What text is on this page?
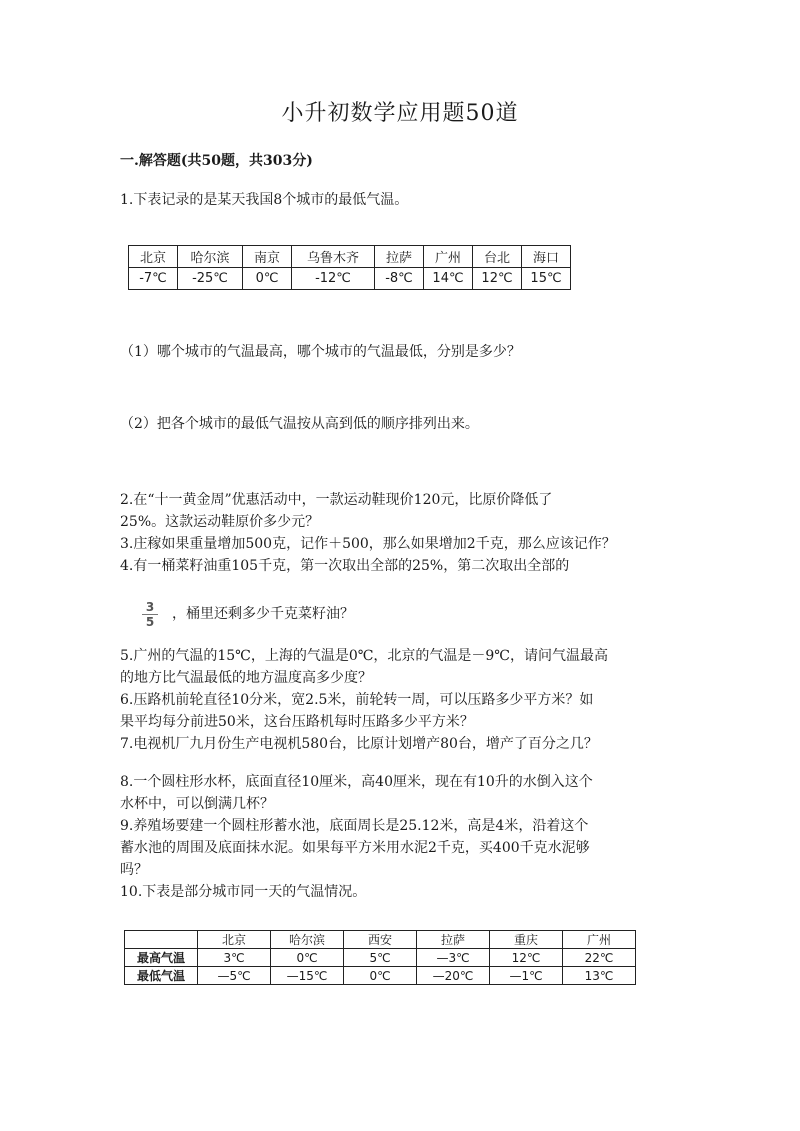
小升初数学应用题50道
一.解答题(共50题，共303分)
1.下表记录的是某天我国8个城市的最低气温。
北京	哈尔滨	南京	乌鲁木齐	拉萨	广州	台北	海口
-7℃	-25℃	0℃	-12℃	-8℃	14℃	12℃	15℃
（1）哪个城市的气温最高，哪个城市的气温最低，分别是多少？
（2）把各个城市的最低气温按从高到低的顺序排列出来。
2.在“十一黄金周”优惠活动中，一款运动鞋现价120元，比原价降低了
25%。这款运动鞋原价多少元？
3.庄稼如果重量增加500克，记作＋500，那么如果增加2千克，那么应该记作？
4.有一桶菜籽油重105千克，第一次取出全部的25%，第二次取出全部的
$\frac{3}{5}$ ，桶里还剩多少千克菜籽油？
5.广州的气温的15℃，上海的气温是0℃，北京的气温是－9℃，请问气温最高
的地方比气温最低的地方温度高多少度？
6.压路机前轮直径10分米，宽2.5米，前轮转一周，可以压路多少平方米？如
果平均每分前进50米，这台压路机每时压路多少平方米？
7.电视机厂九月份生产电视机580台，比原计划增产80台，增产了百分之几？
8.一个圆柱形水杯，底面直径10厘米，高40厘米，现在有10升的水倒入这个
水杯中，可以倒满几杯？
9.养殖场要建一个圆柱形蓄水池，底面周长是25.12米，高是4米，沿着这个
蓄水池的周围及底面抹水泥。如果每平方米用水泥2千克，买400千克水泥够
吗？
10.下表是部分城市同一天的气温情况。
	北京	哈尔滨	西安	拉萨	重庆	广州
最高气温	3℃	0℃	5℃	—3℃	12℃	22℃
最低气温	—5℃	—15℃	0℃	—20℃	—1℃	13℃
